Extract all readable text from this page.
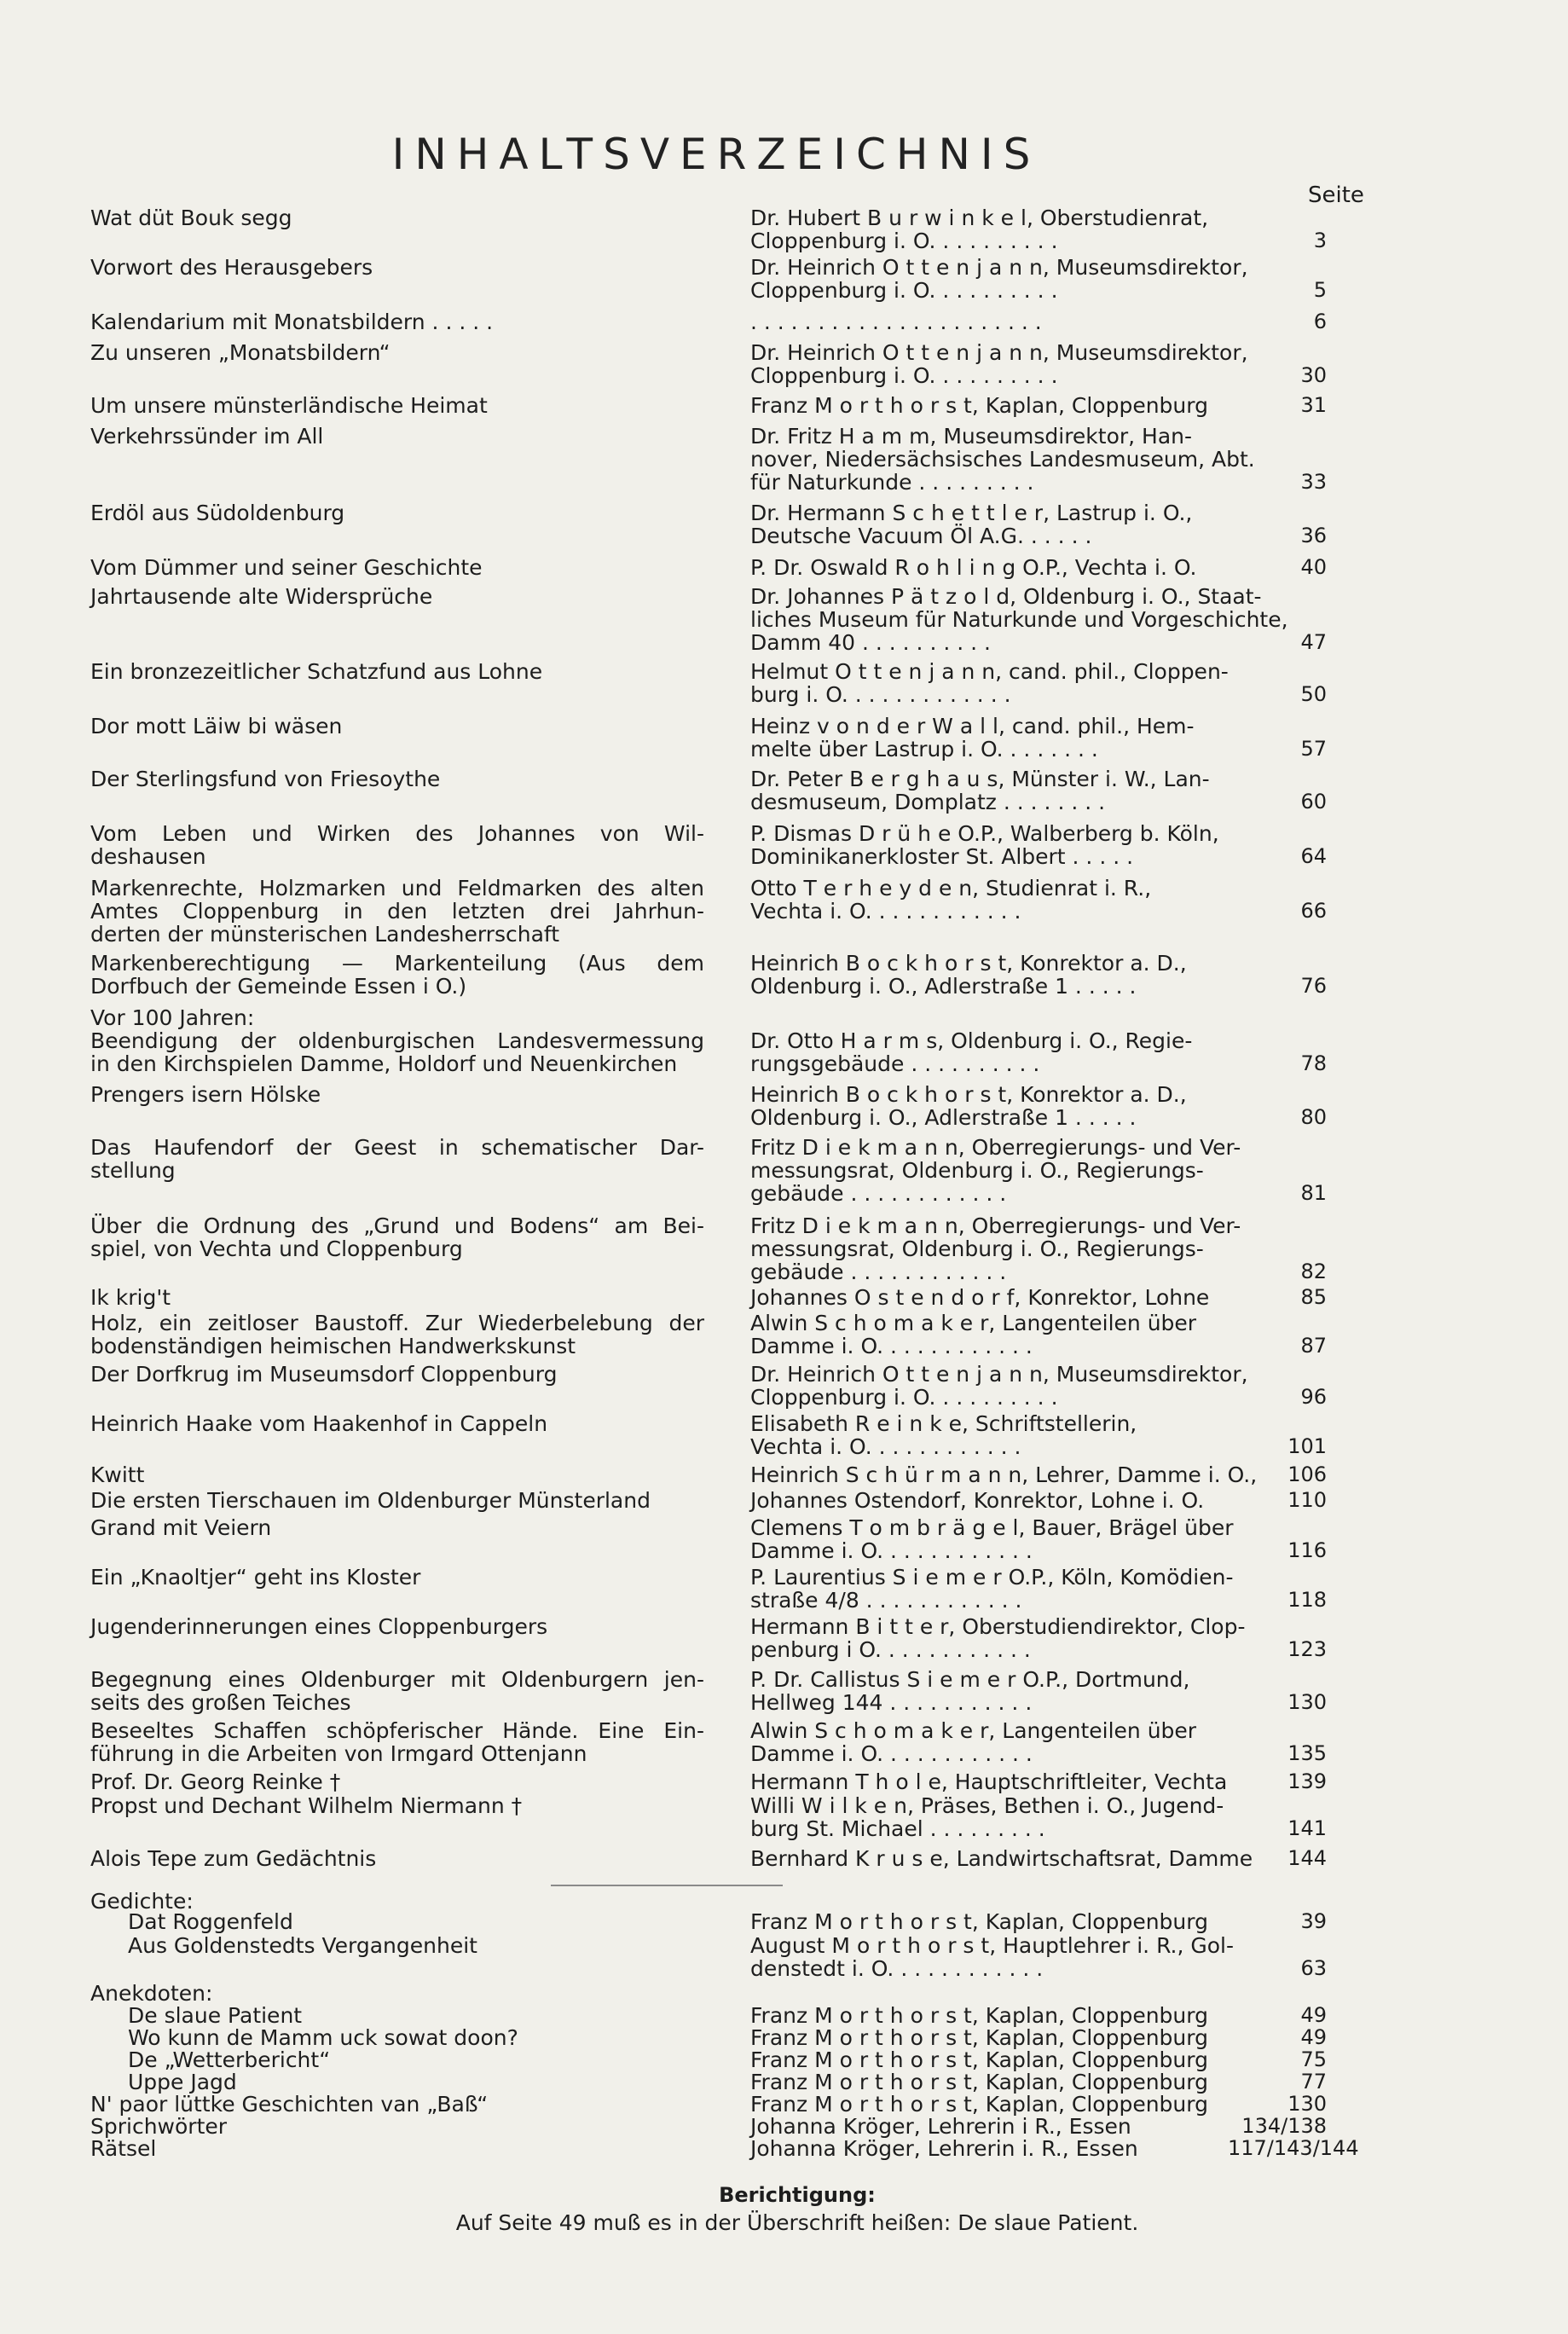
INHALTSVERZEICHNIS
Seite
Wat düt Bouk segg	Dr. Hubert B u r w i n k e l, Oberstudienrat,
Cloppenburg i. O. . . . . . . . . .	3
Vorwort des Herausgebers	Dr. Heinrich O t t e n j a n n, Museumsdirektor,
Cloppenburg i. O. . . . . . . . . .	5
Kalendarium mit Monatsbildern . . . . .	. . . . . . . . . . . . . . . . . . . . . .	6
Zu unseren „Monatsbildern“	Dr. Heinrich O t t e n j a n n, Museumsdirektor,
Cloppenburg i. O. . . . . . . . . .	30
Um unsere münsterländische Heimat	Franz M o r t h o r s t, Kaplan, Cloppenburg	31
Verkehrssünder im All	Dr. Fritz H a m m, Museumsdirektor, Han-
nover, Niedersächsisches Landesmuseum, Abt.
für Naturkunde . . . . . . . . .	33
Erdöl aus Südoldenburg	Dr. Hermann S c h e t t l e r, Lastrup i. O.,
Deutsche Vacuum Öl A.G. . . . . .	36
Vom Dümmer und seiner Geschichte	P. Dr. Oswald R o h l i n g O.P., Vechta i. O.	40
Jahrtausende alte Widersprüche	Dr. Johannes P ä t z o l d, Oldenburg i. O., Staat-
liches Museum für Naturkunde und Vorgeschichte,
Damm 40 . . . . . . . . . .	47
Ein bronzezeitlicher Schatzfund aus Lohne	Helmut O t t e n j a n n, cand. phil., Cloppen-
burg i. O. . . . . . . . . . . . .	50
Dor mott Läiw bi wäsen	Heinz v o n d e r W a l l, cand. phil., Hem-
melte über Lastrup i. O. . . . . . . .	57
Der Sterlingsfund von Friesoythe	Dr. Peter B e r g h a u s, Münster i. W., Lan-
desmuseum, Domplatz . . . . . . . .	60
Vom Leben und Wirken des Johannes von Wil-
deshausen
P. Dismas D r ü h e O.P., Walberberg b. Köln,
Dominikanerkloster St. Albert . . . . .	64
Markenrechte, Holzmarken und Feldmarken des alten
Amtes Cloppenburg in den letzten drei Jahrhun-
derten der münsterischen Landesherrschaft
Otto T e r h e y d e n, Studienrat i. R.,
Vechta i. O. . . . . . . . . . . .	66
Markenberechtigung — Markenteilung (Aus dem
Dorfbuch der Gemeinde Essen i O.)
Heinrich B o c k h o r s t, Konrektor a. D.,
Oldenburg i. O., Adlerstraße 1 . . . . .	76
Vor 100 Jahren:
Beendigung der oldenburgischen Landesvermessung
in den Kirchspielen Damme, Holdorf und Neuenkirchen

Dr. Otto H a r m s, Oldenburg i. O., Regie-
rungsgebäude . . . . . . . . . .	78
Prengers isern Hölske	Heinrich B o c k h o r s t, Konrektor a. D.,
Oldenburg i. O., Adlerstraße 1 . . . . .	80
Das Haufendorf der Geest in schematischer Dar-
stellung
Fritz D i e k m a n n, Oberregierungs- und Ver-
messungsrat, Oldenburg i. O., Regierungs-
gebäude . . . . . . . . . . . .	81
Über die Ordnung des „Grund und Bodens“ am Bei-
spiel, von Vechta und Cloppenburg
Fritz D i e k m a n n, Oberregierungs- und Ver-
messungsrat, Oldenburg i. O., Regierungs-
gebäude . . . . . . . . . . . .	82
Ik krig't	Johannes O s t e n d o r f, Konrektor, Lohne	85
Holz, ein zeitloser Baustoff. Zur Wiederbelebung der
bodenständigen heimischen Handwerkskunst
Alwin S c h o m a k e r, Langenteilen über
Damme i. O. . . . . . . . . . . .	87
Der Dorfkrug im Museumsdorf Cloppenburg	Dr. Heinrich O t t e n j a n n, Museumsdirektor,
Cloppenburg i. O. . . . . . . . . .	96
Heinrich Haake vom Haakenhof in Cappeln	Elisabeth R e i n k e, Schriftstellerin,
Vechta i. O. . . . . . . . . . . .	101
Kwitt	Heinrich S c h ü r m a n n, Lehrer, Damme i. O.,	106
Die ersten Tierschauen im Oldenburger Münsterland	Johannes Ostendorf, Konrektor, Lohne i. O.	110
Grand mit Veiern	Clemens T o m b r ä g e l, Bauer, Brägel über
Damme i. O. . . . . . . . . . . .	116
Ein „Knaoltjer“ geht ins Kloster	P. Laurentius S i e m e r O.P., Köln, Komödien-
straße 4/8 . . . . . . . . . . . .	118
Jugenderinnerungen eines Cloppenburgers	Hermann B i t t e r, Oberstudiendirektor, Clop-
penburg i O. . . . . . . . . . . .	123
Begegnung eines Oldenburger mit Oldenburgern jen-
seits des großen Teiches
P. Dr. Callistus S i e m e r O.P., Dortmund,
Hellweg 144 . . . . . . . . . . .	130
Beseeltes Schaffen schöpferischer Hände. Eine Ein-
führung in die Arbeiten von Irmgard Ottenjann
Alwin S c h o m a k e r, Langenteilen über
Damme i. O. . . . . . . . . . . .	135
Prof. Dr. Georg Reinke †	Hermann T h o l e, Hauptschriftleiter, Vechta	139
Propst und Dechant Wilhelm Niermann †	Willi W i l k e n, Präses, Bethen i. O., Jugend-
burg St. Michael . . . . . . . . .	141
Alois Tepe zum Gedächtnis	Bernhard K r u s e, Landwirtschaftsrat, Damme	144
Gedichte:

Dat Roggenfeld	Franz M o r t h o r s t, Kaplan, Cloppenburg	39
Aus Goldenstedts Vergangenheit	August M o r t h o r s t, Hauptlehrer i. R., Gol-
denstedt i. O. . . . . . . . . . . .	63
Anekdoten:

De slaue Patient	Franz M o r t h o r s t, Kaplan, Cloppenburg	49
Wo kunn de Mamm uck sowat doon?	Franz M o r t h o r s t, Kaplan, Cloppenburg	49
De „Wetterbericht“	Franz M o r t h o r s t, Kaplan, Cloppenburg	75
Uppe Jagd	Franz M o r t h o r s t, Kaplan, Cloppenburg	77
N' paor lüttke Geschichten van „Baß“	Franz M o r t h o r s t, Kaplan, Cloppenburg	130
Sprichwörter	Johanna Kröger, Lehrerin i R., Essen	134/138
Rätsel	Johanna Kröger, Lehrerin i. R., Essen	117/143/144
Berichtigung:
Auf Seite 49 muß es in der Überschrift heißen: De slaue Patient.
